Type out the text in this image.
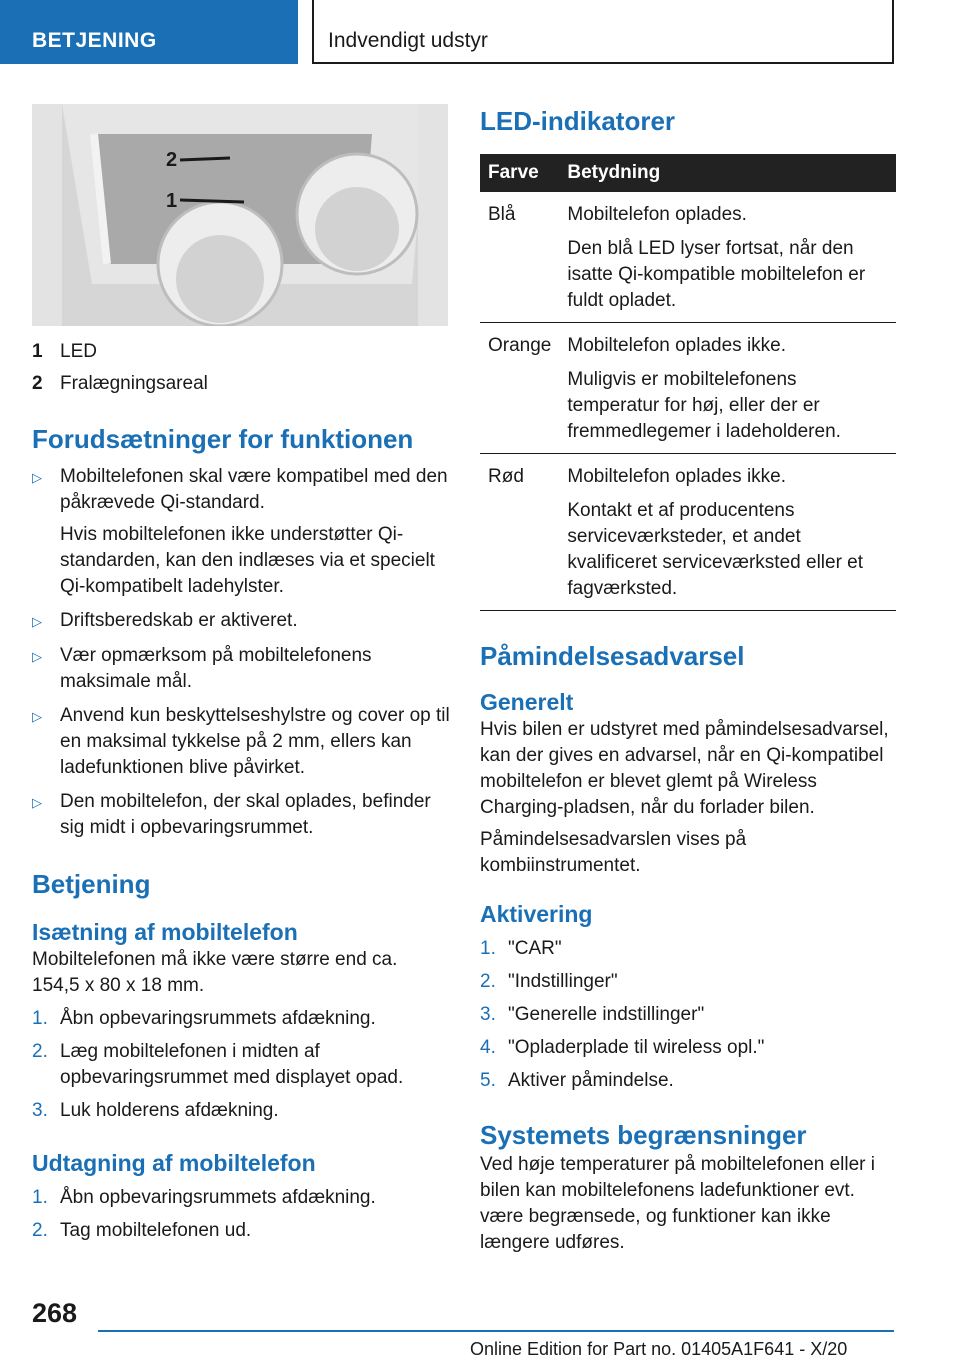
BETJENING	Indvendigt udstyr
2
1
1 LED
2 Fralægningsareal
Forudsætninger for funktionen
▷ Mobiltelefonen skal være kompatibel med den påkrævede Qi-standard.

Hvis mobiltelefonen ikke understøtter Qi-standarden, kan den indlæses via et specielt Qi-kompatibelt ladehylster.

▷ Driftsberedskab er aktiveret.

▷ Vær opmærksom på mobiltelefonens maksimale mål.

▷ Anvend kun beskyttelseshylstre og cover op til en maksimal tykkelse på 2 mm, ellers kan ladefunktionen blive påvirket.

▷ Den mobiltelefon, der skal oplades, befinder sig midt i opbevaringsrummet.

Betjening
Isætning af mobiltelefon

Mobiltelefonen må ikke være større end ca. 154,5 x 80 x 18 mm.

1. Åbn opbevaringsrummets afdækning.
2. Læg mobiltelefonen i midten af opbevaringsrummet med displayet opad.
3. Luk holderens afdækning.
Udtagning af mobiltelefon
1. Åbn opbevaringsrummets afdækning.
2. Tag mobiltelefonen ud.
LED-indikatorer
Farve	Betydning
Blå	Mobiltelefon oplades.

Den blå LED lyser fortsat, når den isatte Qi-kompatible mobiltelefon er fuldt opladet.

Orange	Mobiltelefon oplades ikke.

Muligvis er mobiltelefonens temperatur for høj, eller der er fremmedlegemer i ladeholderen.

Rød	Mobiltelefon oplades ikke.

Kontakt et af producentens serviceværksteder, et andet kvalificeret serviceværksted eller et fagværksted.

Påmindelsesadvarsel
Generelt

Hvis bilen er udstyret med påmindelsesadvarsel, kan der gives en advarsel, når en Qi-kompatibel mobiltelefon er blevet glemt på Wireless Charging-pladsen, når du forlader bilen.

Påmindelsesadvarslen vises på kombiinstrumentet.

Aktivering
1. "CAR"
2. "Indstillinger"
3. "Generelle indstillinger"
4. "Opladerplade til wireless opl."
5. Aktiver påmindelse.
Systemets begrænsninger

Ved høje temperaturer på mobiltelefonen eller i bilen kan mobiltelefonens ladefunktioner evt. være begrænsede, og funktioner kan ikke længere udføres.

268
Online Edition for Part no. 01405A1F641 - X/20
